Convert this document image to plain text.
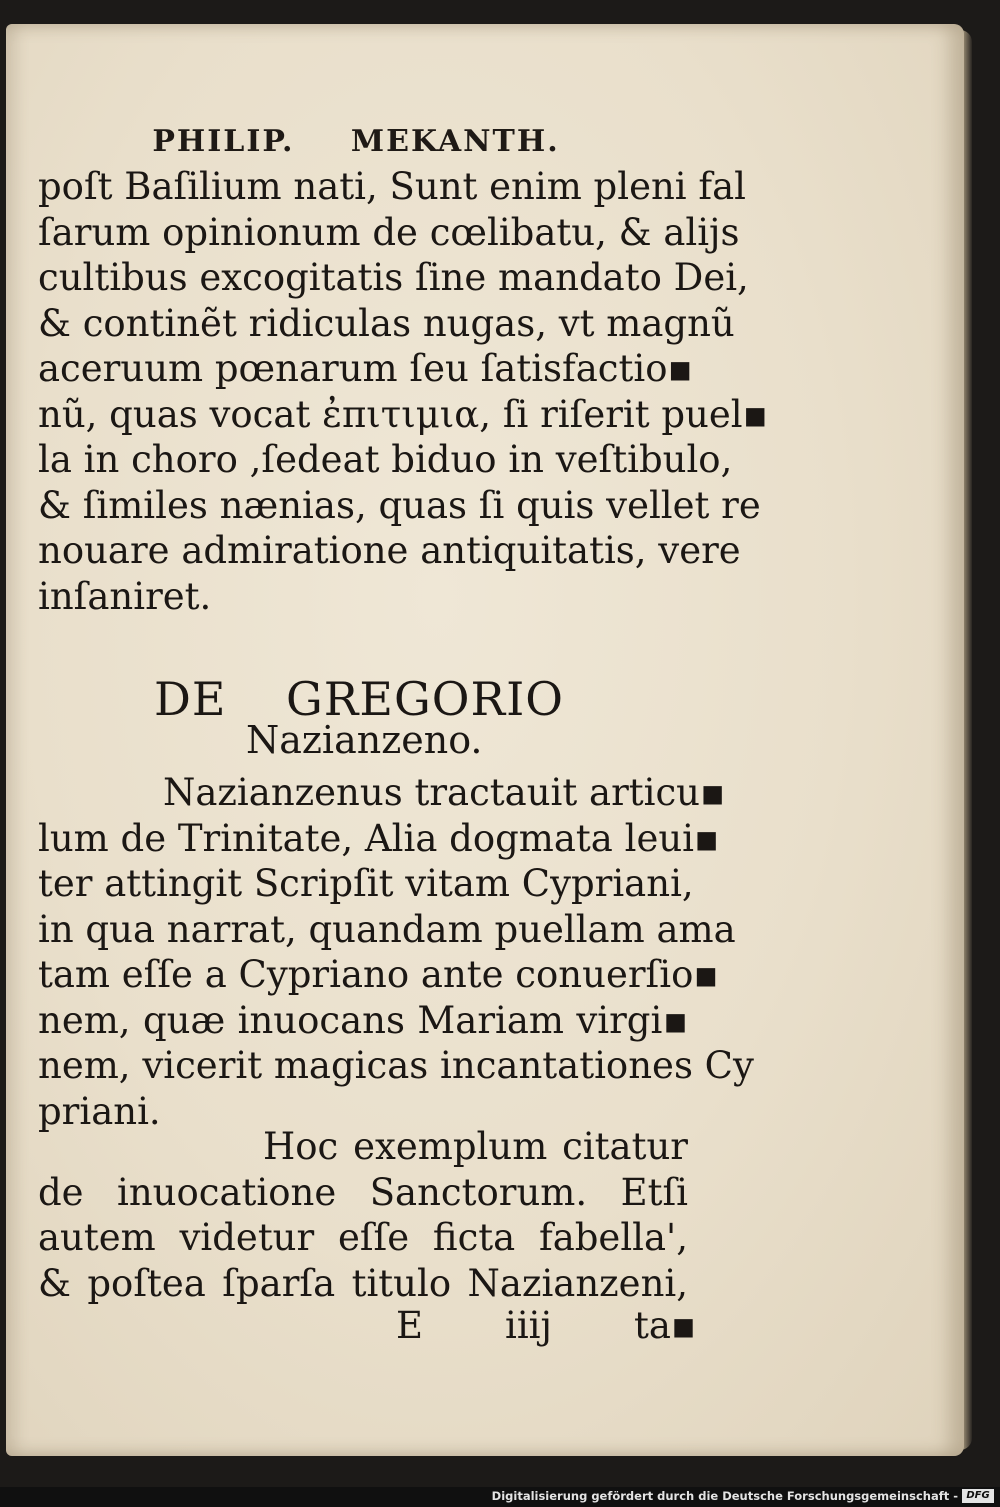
PHILIP. MEKANTH.
poſt Baſilium nati, Sunt enim pleni fal
ſarum opinionum de cœlibatu, & alijs
cultibus excogitatis ſine mandato Dei,
& continẽt ridiculas nugas, vt magnũ
aceruum pœnarum ſeu ſatisfactio▪
nũ, quas vocat ἐπιτιμια, ſi riſerit puel▪
la in choro ,ſedeat biduo in veſtibulo,
& ſimiles nænias, quas ſi quis vellet re
nouare admiratione antiquitatis, vere
inſaniret.
DE GREGORIO
Nazianzeno.
Nazianzenus tractauit articu▪
lum de Trinitate, Alia dogmata leui▪
ter attingit Scripſit vitam Cypriani,
in qua narrat, quandam puellam ama
tam eſſe a Cypriano ante conuerſio▪
nem, quæ inuocans Mariam virgi▪
nem, vicerit magicas incantationes Cy
priani.
Hoc exemplum citatur
de inuocatione Sanctorum. Etſi
autem videtur eſſe ficta fabella',
& poſtea ſparſa titulo Nazianzeni,
E iiij ta▪
Digitalisierung gefördert durch die Deutsche Forschungsgemeinschaft - DFG
